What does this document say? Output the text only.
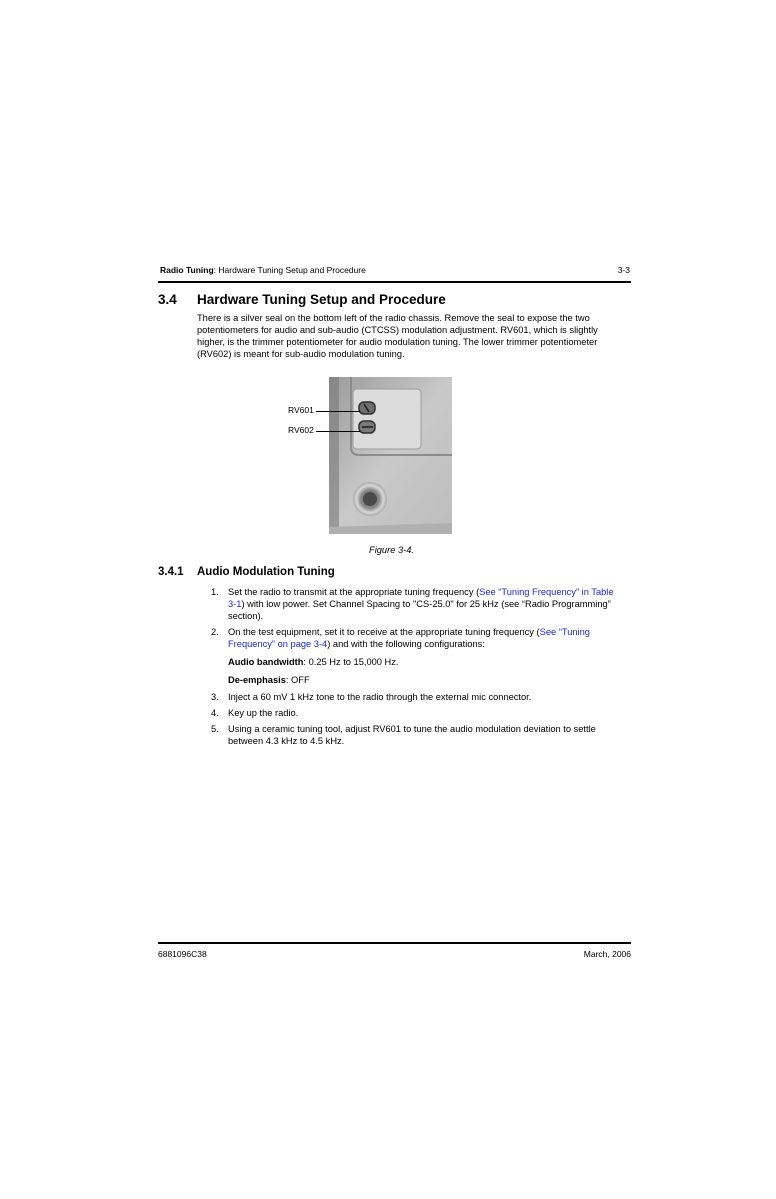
Radio Tuning: Hardware Tuning Setup and Procedure	3-3
3.4 Hardware Tuning Setup and Procedure

There is a silver seal on the bottom left of the radio chassis. Remove the seal to expose the two potentiometers for audio and sub-audio (CTCSS) modulation adjustment. RV601, which is slightly higher, is the trimmer potentiometer for audio modulation tuning. The lower trimmer potentiometer (RV602) is meant for sub-audio modulation tuning.

RV601
RV602
Figure 3-4.
3.4.1 Audio Modulation Tuning
1. Set the radio to transmit at the appropriate tuning frequency (See “Tuning Frequency” in Table 3-1) with low power. Set Channel Spacing to "CS-25.0" for 25 kHz (see “Radio Programming” section).
2. On the test equipment, set it to receive at the appropriate tuning frequency (See “Tuning Frequency” on page 3-4) and with the following configurations:
Audio bandwidth: 0.25 Hz to 15,000 Hz.
De-emphasis: OFF
3. Inject a 60 mV 1 kHz tone to the radio through the external mic connector.
4. Key up the radio.
5. Using a ceramic tuning tool, adjust RV601 to tune the audio modulation deviation to settle between 4.3 kHz to 4.5 kHz.
6881096C38	March, 2006
